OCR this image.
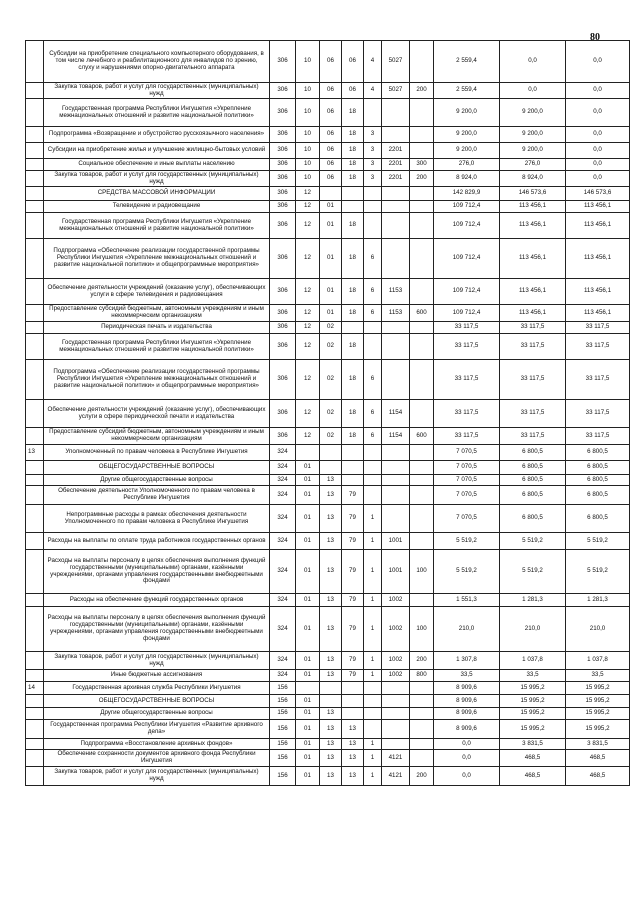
80
	Субсидии на приобретение специального компьютерного оборудования, в том числе лечебного и реабилитационного для инвалидов по зрению, слуху и нарушениями опорно-двигательного аппарата	306	10	06	06	4	5027		2 559,4	0,0	0,0
	Закупка товаров, работ и услуг для государственных (муниципальных) нужд	306	10	06	06	4	5027	200	2 559,4	0,0	0,0
	Государственная программа Республики Ингушетия «Укрепление межнациональных отношений и развитие национальной политики»	306	10	06	18				9 200,0	9 200,0	0,0
	Подпрограмма «Возвращение и обустройство русскоязычного населения»	306	10	06	18	3			9 200,0	9 200,0	0,0
	Субсидии на приобретение жилья и улучшение жилищно-бытовых условий	306	10	06	18	3	2201		9 200,0	9 200,0	0,0
	Социальное обеспечение и иные выплаты населению	306	10	06	18	3	2201	300	276,0	276,0	0,0
	Закупка товаров, работ и услуг для государственных (муниципальных) нужд	306	10	06	18	3	2201	200	8 924,0	8 924,0	0,0
	СРЕДСТВА МАССОВОЙ ИНФОРМАЦИИ	306	12						142 829,9	146 573,6	146 573,6
	Телевидение и радиовещание	306	12	01					109 712,4	113 456,1	113 456,1
	Государственная программа Республики Ингушетия «Укрепление межнациональных отношений и развитие национальной политики»	306	12	01	18				109 712,4	113 456,1	113 456,1
	Подпрограмма «Обеспечение реализации государственной программы Республики Ингушетия «Укрепление межнациональных отношений и развитие национальной политики» и общепрограммные мероприятия»	306	12	01	18	6			109 712,4	113 456,1	113 456,1
	Обеспечение деятельности учреждений (оказание услуг), обеспечивающих услуги в сфере телевидения и радиовещания	306	12	01	18	6	1153		109 712,4	113 456,1	113 456,1
	Предоставление субсидий бюджетным, автономным учреждениям и иным некоммерческим организациям	306	12	01	18	6	1153	600	109 712,4	113 456,1	113 456,1
	Периодическая печать и издательства	306	12	02					33 117,5	33 117,5	33 117,5
	Государственная программа Республики Ингушетия «Укрепление межнациональных отношений и развитие национальной политики»	306	12	02	18				33 117,5	33 117,5	33 117,5
	Подпрограмма «Обеспечение реализации государственной программы Республики Ингушетия «Укрепление межнациональных отношений и развитие национальной политики» и общепрограммные мероприятия»	306	12	02	18	6			33 117,5	33 117,5	33 117,5
	Обеспечение деятельности учреждений (оказание услуг), обеспечивающих услуги в сфере периодической печати и издательства	306	12	02	18	6	1154		33 117,5	33 117,5	33 117,5
	Предоставление субсидий бюджетным, автономным учреждениям и иным некоммерческим организациям	306	12	02	18	6	1154	600	33 117,5	33 117,5	33 117,5
13	Уполномоченный по правам человека в Республике Ингушетия	324							7 070,5	6 800,5	6 800,5
	ОБЩЕГОСУДАРСТВЕННЫЕ ВОПРОСЫ	324	01						7 070,5	6 800,5	6 800,5
	Другие общегосударственные вопросы	324	01	13					7 070,5	6 800,5	6 800,5
	Обеспечение деятельности Уполномоченного по правам человека в Республике Ингушетия	324	01	13	79				7 070,5	6 800,5	6 800,5
	Непрограммные расходы в рамках обеспечения деятельности Уполномоченного по правам человека в Республике Ингушетия	324	01	13	79	1			7 070,5	6 800,5	6 800,5
	Расходы на выплаты по оплате труда работников государственных органов	324	01	13	79	1	1001		5 519,2	5 519,2	5 519,2
	Расходы на выплаты персоналу в целях обеспечения выполнения функций государственными (муниципальными) органами, казёнными учреждениями, органами управления государственными внебюджетными фондами	324	01	13	79	1	1001	100	5 519,2	5 519,2	5 519,2
	Расходы на обеспечение функций государственных органов	324	01	13	79	1	1002		1 551,3	1 281,3	1 281,3
	Расходы на выплаты персоналу в целях обеспечения выполнения функций государственными (муниципальными) органами, казёнными учреждениями, органами управления государственными внебюджетными фондами	324	01	13	79	1	1002	100	210,0	210,0	210,0
	Закупка товаров, работ и услуг для государственных (муниципальных) нужд	324	01	13	79	1	1002	200	1 307,8	1 037,8	1 037,8
	Иные бюджетные ассигнования	324	01	13	79	1	1002	800	33,5	33,5	33,5
14	Государственная архивная служба Республики Ингушетия	156							8 909,6	15 995,2	15 995,2
	ОБЩЕГОСУДАРСТВЕННЫЕ ВОПРОСЫ	156	01						8 909,6	15 995,2	15 995,2
	Другие общегосударственные вопросы	156	01	13					8 909,6	15 995,2	15 995,2
	Государственная программа Республики Ингушетия «Развитие архивного дела»	156	01	13	13				8 909,6	15 995,2	15 995,2
	Подпрограмма «Восстановление архивных фондов»	156	01	13	13	1			0,0	3 831,5	3 831,5
	Обеспечение сохранности документов архивного фонда Республики Ингушетия	156	01	13	13	1	4121		0,0	468,5	468,5
	Закупка товаров, работ и услуг для государственных (муниципальных) нужд	156	01	13	13	1	4121	200	0,0	468,5	468,5
